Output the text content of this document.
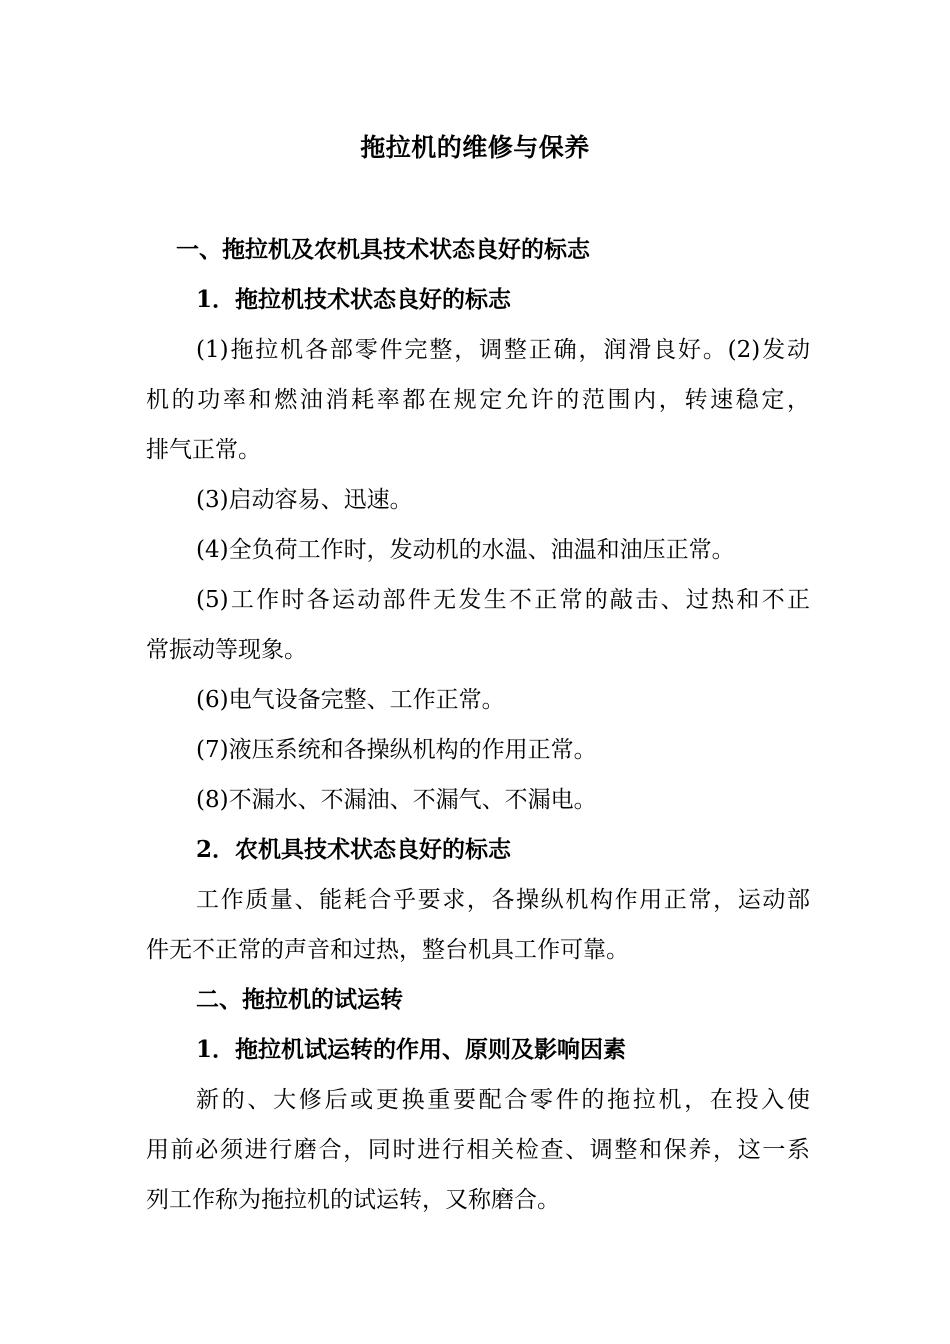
拖拉机的维修与保养
一、拖拉机及农机具技术状态良好的标志
1．拖拉机技术状态良好的标志
(1)拖拉机各部零件完整，调整正确，润滑良好。(2)发动
机的功率和燃油消耗率都在规定允许的范围内，转速稳定，
排气正常。
(3)启动容易、迅速。
(4)全负荷工作时，发动机的水温、油温和油压正常。
(5)工作时各运动部件无发生不正常的敲击、过热和不正
常振动等现象。
(6)电气设备完整、工作正常。
(7)液压系统和各操纵机构的作用正常。
(8)不漏水、不漏油、不漏气、不漏电。
2．农机具技术状态良好的标志
工作质量、能耗合乎要求，各操纵机构作用正常，运动部
件无不正常的声音和过热，整台机具工作可靠。
二、拖拉机的试运转
1．拖拉机试运转的作用、原则及影响因素
新的、大修后或更换重要配合零件的拖拉机，在投入使
用前必须进行磨合，同时进行相关检查、调整和保养，这一系
列工作称为拖拉机的试运转，又称磨合。
